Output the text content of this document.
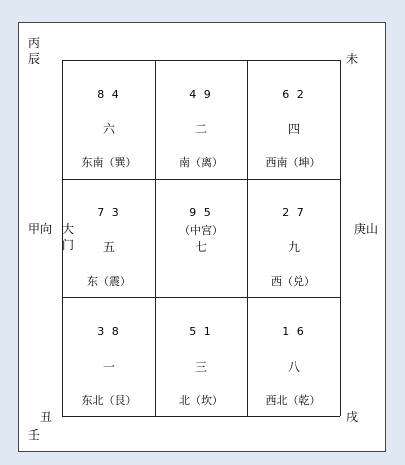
丙
辰	未
甲向 大
门
庚山
丑
壬
戌
8 4
六
东南（巽）
4 9
二
南（离）
6 2
四
西南（坤）
7 3
五
东（震）
9 5
（中宫）
七
2 7
九
西（兑）
3 8
一
东北（艮）
5 1
三
北（坎）
1 6
八
西北（乾）
